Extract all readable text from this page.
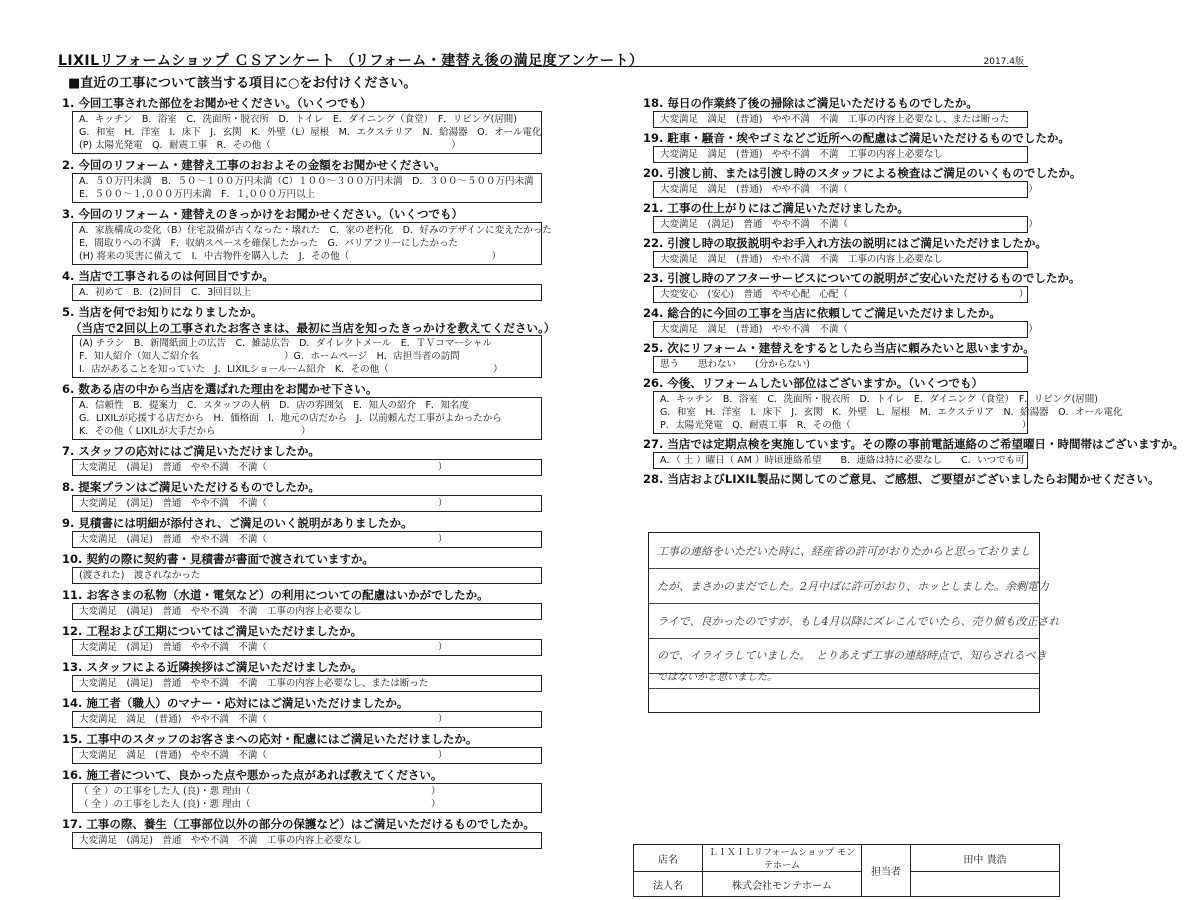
LIXILリフォームショップ ＣＳアンケート （リフォーム・建替え後の満足度アンケート）	2017.4版
■直近の工事について該当する項目に○をお付けください。
1. 今回工事された部位をお聞かせください。（いくつでも）
A．キッチン　B．浴室　C．洗面所・脱衣所　D．トイレ　E．ダイニング（食堂）　F．リビング(居間)
G．和室　H．洋室　I．床下　J．玄関　K．外壁（L）屋根　M．エクステリア　N．給湯器　O．オール電化
(P) 太陽光発電　Q．耐震工事　R．その他（　　　　　　　　　　　　　　　　　　　）
2. 今回のリフォーム・建替え工事のおおよその金額をお聞かせください。
A．５０万円未満　B．５０～１００万円未満（C）１００～３００万円未満　D．３００～５００万円未満
E．５００～１,０００万円未満　F．１,０００万円以上
3. 今回のリフォーム・建替えのきっかけをお聞かせください。（いくつでも）
A．家族構成の変化（B）住宅設備が古くなった・壊れた　C．家の老朽化　D．好みのデザインに変えたかった
E．間取りへの不満　F．収納スペースを確保したかった　G．バリアフリーにしたかった
(H) 将来の災害に備えて　I．中古物件を購入した　J．その他（　　　　　　　　　　　　　　　）
4. 当店で工事されるのは何回目ですか。
A．初めて　B．(2)回目　C．3回目以上
5. 当店を何でお知りになりましたか。
（当店で2回以上の工事されたお客さまは、最初に当店を知ったきっかけを教えてください。）
(A) チラシ　B．新聞紙面上の広告　C．雑誌広告　D．ダイレクトメール　E．ＴＶコマーシャル
F．知人紹介（知人ご紹介名　　　　　　　　　）G．ホームページ　H．店担当者の訪問
I．店があることを知っていた　J．LIXILショールーム紹介　K．その他（　　　　　　　　　　　）
6. 数ある店の中から当店を選ばれた理由をお聞かせ下さい。
A．信頼性　B．提案力　C．スタッフの人柄　D．店の雰囲気　E．知人の紹介　F．知名度
G．LIXILが応援する店だから　H．価格面　I．地元の店だから　J．以前頼んだ工事がよかったから
K．その他（ LIXILが大手だから　　　　　　　　　）
7. スタッフの応対にはご満足いただけましたか。
大変満足　(満足)　普通　やや不満　不満（　　　　　　　　　　　　　　　　　　）
8. 提案プランはご満足いただけるものでしたか。
大変満足　(満足)　普通　やや不満　不満（　　　　　　　　　　　　　　　　　　）
9. 見積書には明細が添付され、ご満足のいく説明がありましたか。
大変満足　(満足)　普通　やや不満　不満（　　　　　　　　　　　　　　　　　　）
10. 契約の際に契約書・見積書が書面で渡されていますか。
(渡された)　渡されなかった
11. お客さまの私物（水道・電気など）の利用についての配慮はいかがでしたか。
大変満足　(満足)　普通　やや不満　不満　工事の内容上必要なし
12. 工程および工期についてはご満足いただけましたか。
大変満足　(満足)　普通　やや不満　不満（　　　　　　　　　　　　　　　　　　）
13. スタッフによる近隣挨拶はご満足いただけましたか。
大変満足　(満足)　普通　やや不満　不満　工事の内容上必要なし、または断った
14. 施工者（職人）のマナー・応対にはご満足いただけましたか。
大変満足　満足　(普通)　やや不満　不満（　　　　　　　　　　　　　　　　　　）
15. 工事中のスタッフのお客さまへの応対・配慮にはご満足いただけましたか。
大変満足　満足　(普通)　やや不満　不満（　　　　　　　　　　　　　　　　　　）
16. 施工者について、良かった点や悪かった点があれば教えてください。
（ 全 ）の工事をした人 (良)・悪 理由（　　　　　　　　　　　　　　　　　　　）
（ 全 ）の工事をした人 (良)・悪 理由（　　　　　　　　　　　　　　　　　　　）
17. 工事の際、養生（工事部位以外の部分の保護など）はご満足いただけるものでしたか。
大変満足　(満足)　普通　やや不満　不満　工事の内容上必要なし
18. 毎日の作業終了後の掃除はご満足いただけるものでしたか。
大変満足　満足　(普通)　やや不満　不満　工事の内容上必要なし、または断った
19. 駐車・騒音・埃やゴミなどご近所への配慮はご満足いただけるものでしたか。
大変満足　満足　(普通)　やや不満　不満　工事の内容上必要なし
20. 引渡し前、または引渡し時のスタッフによる検査はご満足のいくものでしたか。
大変満足　満足　(普通)　やや不満　不満（　　　　　　　　　　　　　　　　　　　）
21. 工事の仕上がりにはご満足いただけましたか。
大変満足　(満足)　普通　やや不満　不満（　　　　　　　　　　　　　　　　　　　）
22. 引渡し時の取扱説明やお手入れ方法の説明にはご満足いただけましたか。
大変満足　満足　(普通)　やや不満　不満　工事の内容上必要なし
23. 引渡し時のアフターサービスについての説明がご安心いただけるものでしたか。
大変安心　(安心)　普通　やや心配　心配（　　　　　　　　　　　　　　　　　　）
24. 総合的に今回の工事を当店に依頼してご満足いただけましたか。
大変満足　満足　(普通)　やや不満　不満（　　　　　　　　　　　　　　　　　　　）
25. 次にリフォーム・建替えをするとしたら当店に頼みたいと思いますか。
思う　　思わない　　(分からない)
26. 今後、リフォームしたい部位はございますか。（いくつでも）
A．キッチン　B．浴室　C．洗面所・脱衣所　D．トイレ　E．ダイニング（食堂）　F．リビング(居間)
G．和室　H．洋室　I．床下　J．玄関　K．外壁　L．屋根　M．エクステリア　N．給湯器　O．オール電化
P．太陽光発電　Q．耐震工事　R．その他（　　　　　　　　　　　　　　　　　　）
27. 当店では定期点検を実施しています。その際の事前電話連絡のご希望曜日・時間帯はございますか。
A．（ 土 ）曜日（ AM ）時頃連絡希望　　B．連絡は特に必要なし　　C．いつでも可
28. 当店およびLIXIL製品に関してのご意見、ご感想、ご要望がございましたらお聞かせください。
工事の連絡をいただいた時に、経産省の許可がおりたからと思っておりまし
たが、まさかのまだでした。2月中ばに許可がおり、ホッとしました。余剰電力
ライで、良かったのですが、もし4月以降にズレこんでいたら、売り値も改正され
ので、イライラしていました。　とりあえず工事の連絡時点で、知らされるべき
ではないかと思いました。
店名	ＬＩＸＩＬリフォームショップ モンテホーム	担当者	田中 貴浩
法人名	株式会社モンテホーム		
